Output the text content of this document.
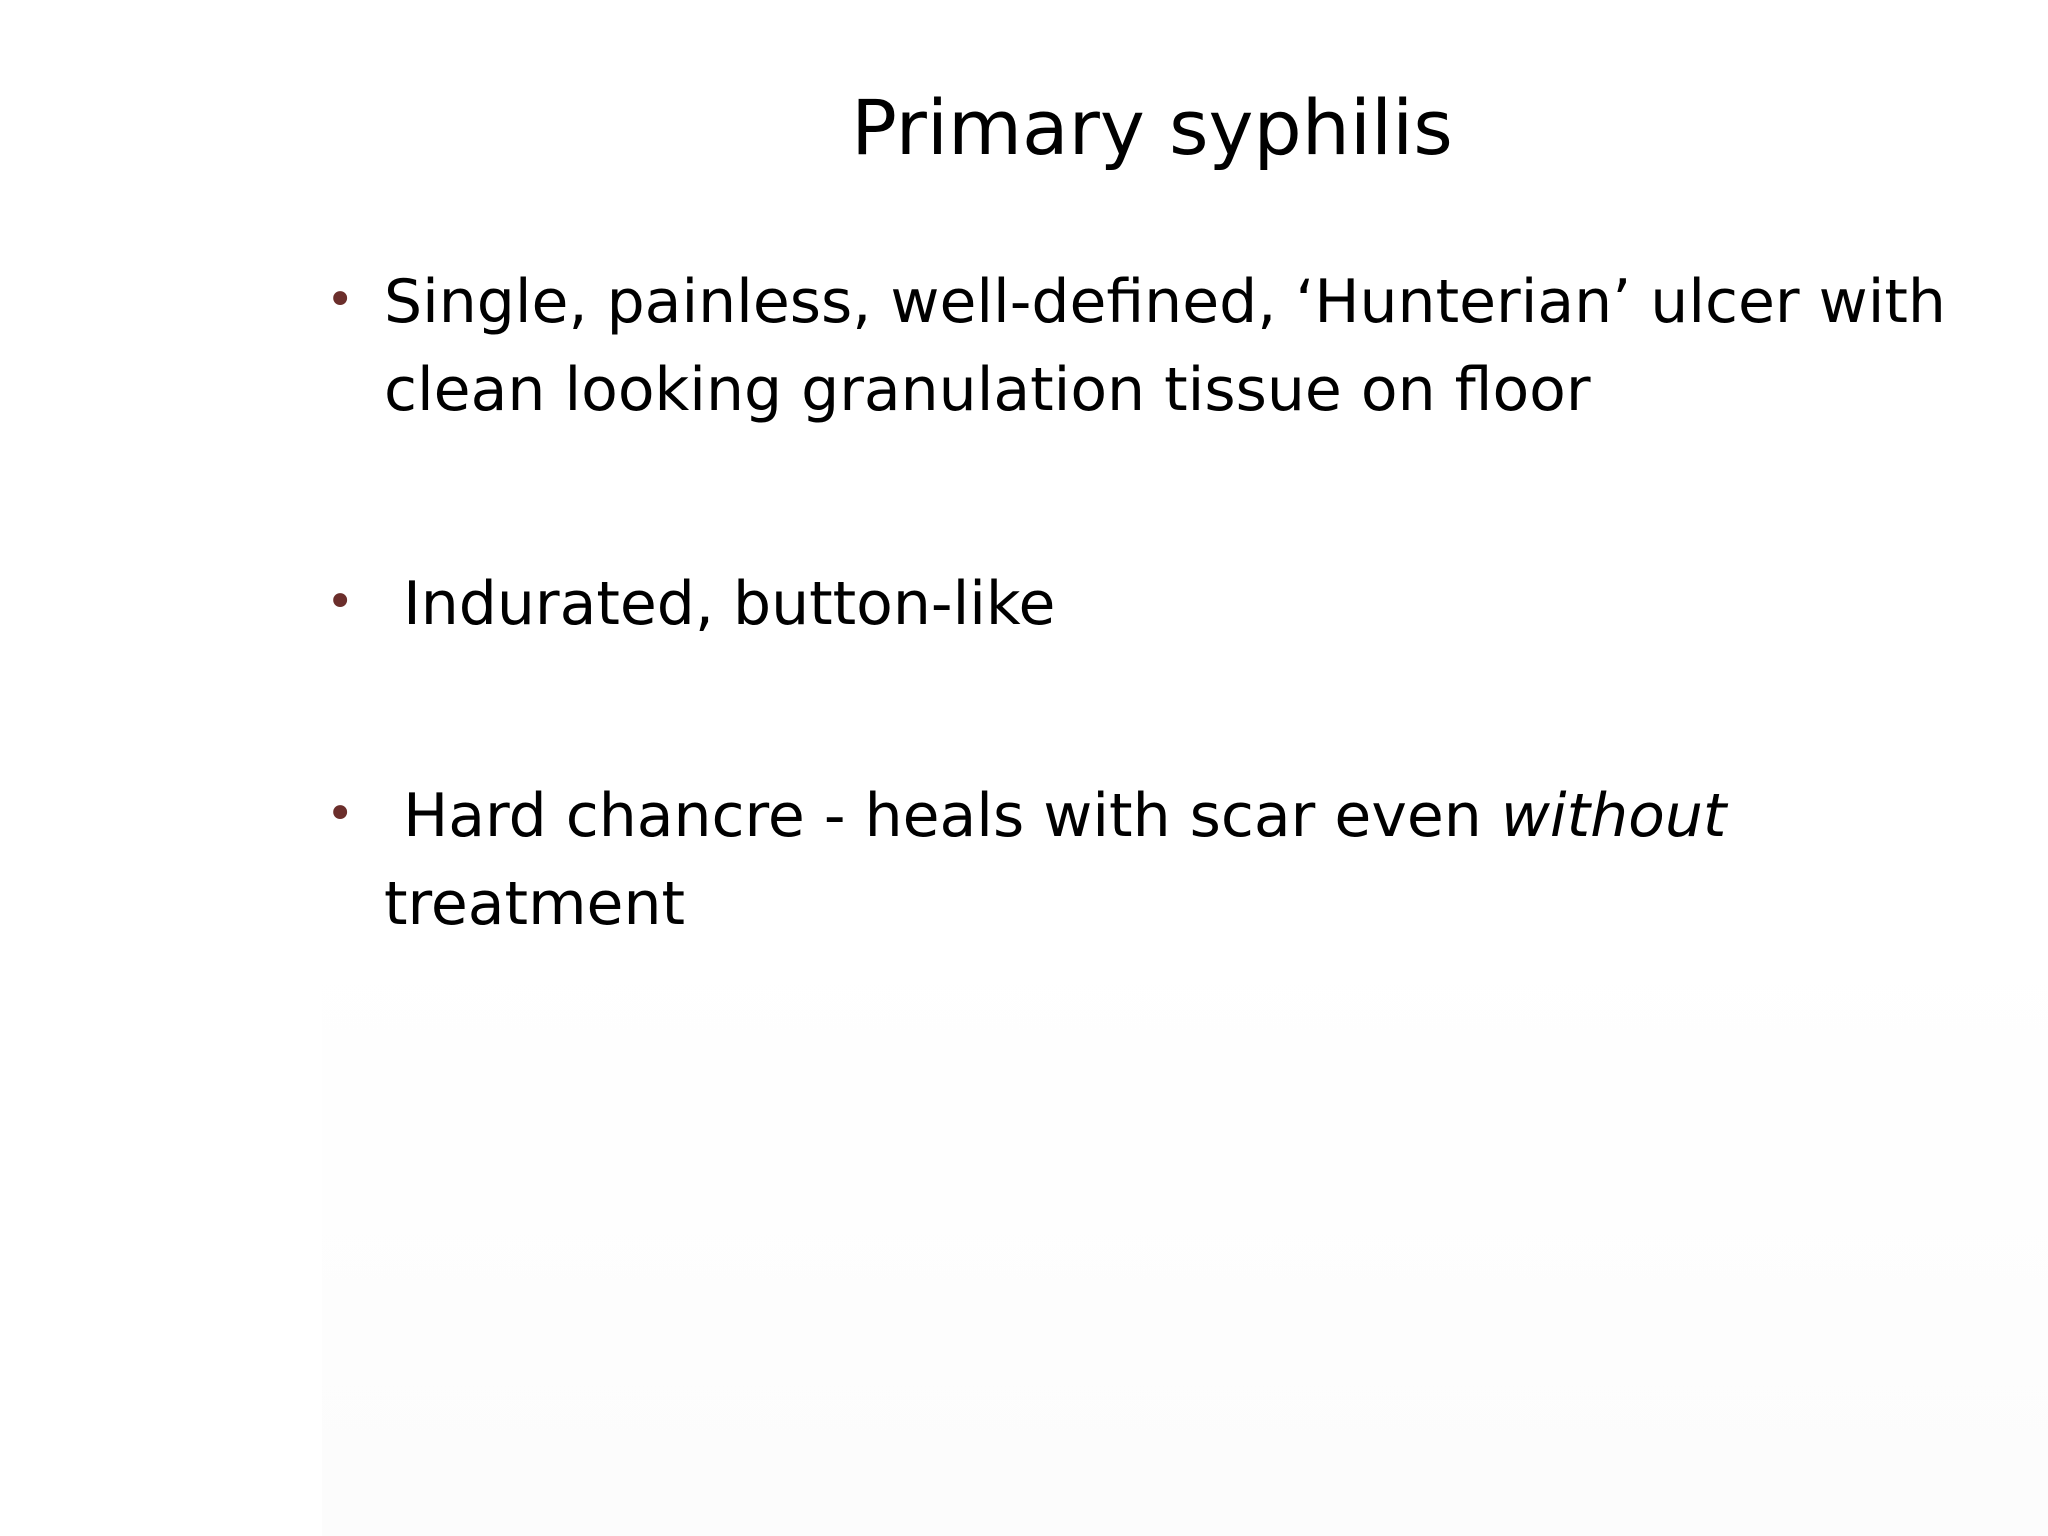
Primary syphilis
• Single, painless, well-defined, ‘Hunterian’ ulcer with
clean looking granulation tissue on floor
• Indurated, button-like
• Hard chancre - heals with scar even without
treatment
